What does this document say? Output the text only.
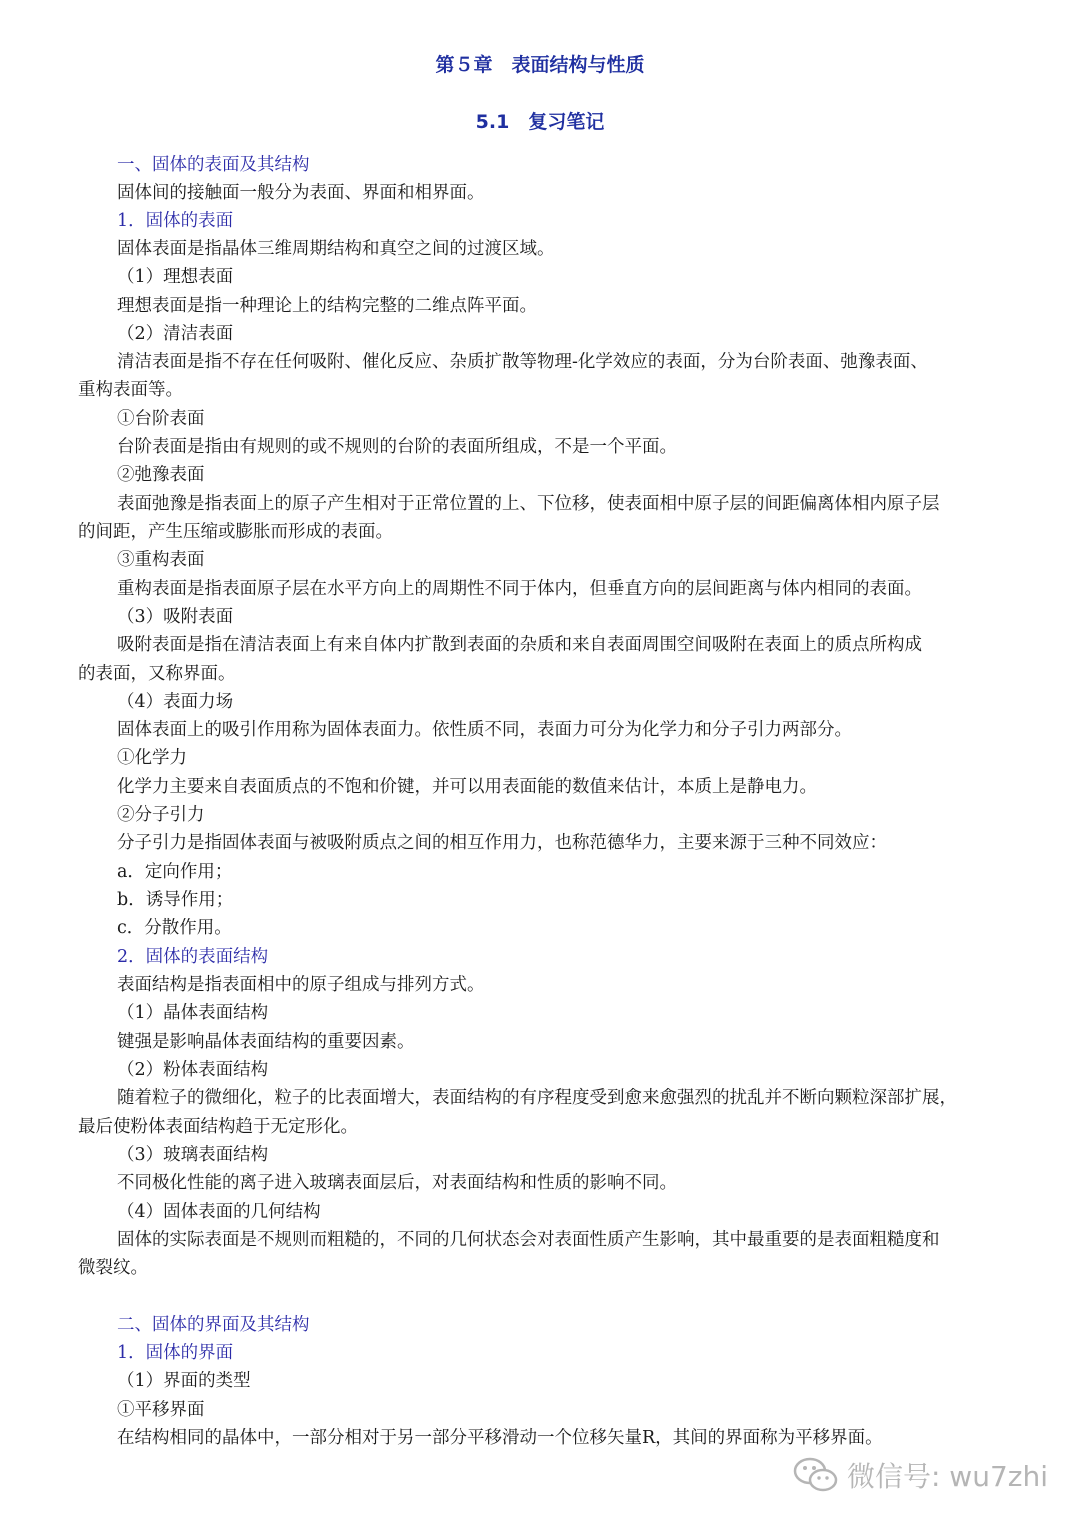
第５章　表面结构与性质
5.1　复习笔记
一、固体的表面及其结构
固体间的接触面一般分为表面、界面和相界面。
1．固体的表面
固体表面是指晶体三维周期结构和真空之间的过渡区域。
（1）理想表面
理想表面是指一种理论上的结构完整的二维点阵平面。
（2）清洁表面
清洁表面是指不存在任何吸附、催化反应、杂质扩散等物理-化学效应的表面，分为台阶表面、弛豫表面、
重构表面等。
①台阶表面
台阶表面是指由有规则的或不规则的台阶的表面所组成，不是一个平面。
②弛豫表面
表面弛豫是指表面上的原子产生相对于正常位置的上、下位移，使表面相中原子层的间距偏离体相内原子层
的间距，产生压缩或膨胀而形成的表面。
③重构表面
重构表面是指表面原子层在水平方向上的周期性不同于体内，但垂直方向的层间距离与体内相同的表面。
（3）吸附表面
吸附表面是指在清洁表面上有来自体内扩散到表面的杂质和来自表面周围空间吸附在表面上的质点所构成
的表面，又称界面。
（4）表面力场
固体表面上的吸引作用称为固体表面力。依性质不同，表面力可分为化学力和分子引力两部分。
①化学力
化学力主要来自表面质点的不饱和价键，并可以用表面能的数值来估计，本质上是静电力。
②分子引力
分子引力是指固体表面与被吸附质点之间的相互作用力，也称范德华力，主要来源于三种不同效应：
a．定向作用；
b．诱导作用；
c．分散作用。
2．固体的表面结构
表面结构是指表面相中的原子组成与排列方式。
（1）晶体表面结构
键强是影响晶体表面结构的重要因素。
（2）粉体表面结构
随着粒子的微细化，粒子的比表面增大，表面结构的有序程度受到愈来愈强烈的扰乱并不断向颗粒深部扩展，
最后使粉体表面结构趋于无定形化。
（3）玻璃表面结构
不同极化性能的离子进入玻璃表面层后，对表面结构和性质的影响不同。
（4）固体表面的几何结构
固体的实际表面是不规则而粗糙的，不同的几何状态会对表面性质产生影响，其中最重要的是表面粗糙度和
微裂纹。
二、固体的界面及其结构
1．固体的界面
（1）界面的类型
①平移界面
在结构相同的晶体中，一部分相对于另一部分平移滑动一个位移矢量R，其间的界面称为平移界面。
微信号: wu7zhi
